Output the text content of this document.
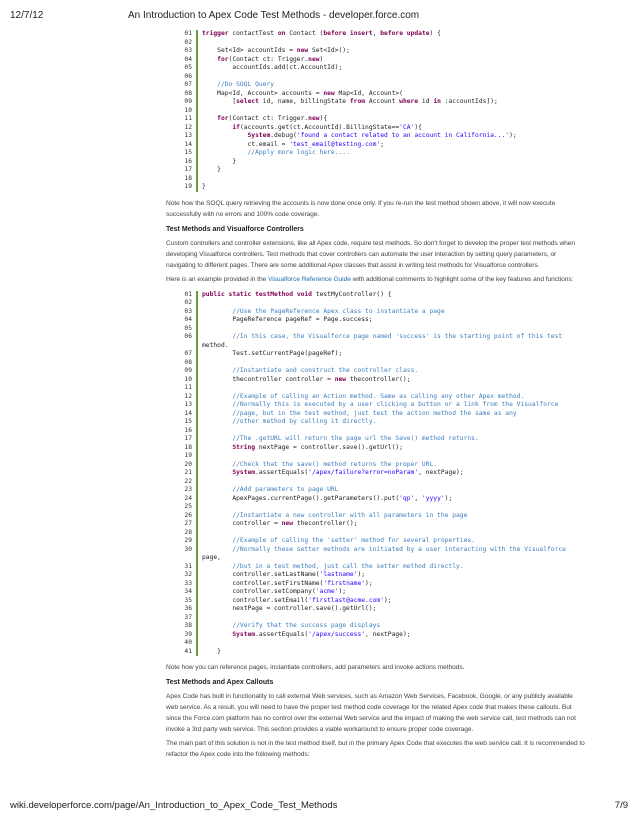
12/7/12	An Introduction to Apex Code Test Methods - developer.force.com
01 trigger contactTest on Contact (before insert, before update) {
02
03 Set<Id> accountIds = new Set<Id>();
04	for(Contact ct: Trigger.new)
05 accountIds.add(ct.AccountId);
06
07	//Do SOQL Query
08 Map<Id, Account> accounts = new Map<Id, Account>(
09 [select id, name, billingState from Account where id in :accountIds]);
10
11	for(Contact ct: Trigger.new){
12	if(accounts.get(ct.AccountId).BillingState=='CA'){
13	System.debug('found a contact related to an account in California...');
14 ct.email = 'test_email@testing.com';
15	//Apply more logic here....
16 }
17 }
18
19 }

Note how the SOQL query retrieving the accounts is now done once only. If you re-run the test method shown above, it will now execute successfully with no errors and 100% code coverage.

Test Methods and Visualforce Controllers

Custom controllers and controller extensions, like all Apex code, require test methods. So don't forget to develop the proper test methods when developing Visualforce controllers. Test methods that cover controllers can automate the user interaction by setting query parameters, or navigating to different pages. There are some additional Apex classes that assist in writing test methods for Visualforce controllers.

Here is an example provided in the Visualforce Reference Guide with additional comments to highlight some of the key features and functions:

01 public static testMethod void testMyController() {
02
03	//Use the PageReference Apex class to instantiate a page
04 PageReference pageRef = Page.success;
05
06	//In this case, the Visualforce page named 'success' is the starting point of this test
method.
07 Test.setCurrentPage(pageRef);
08
09	//Instantiate and construct the controller class.
10 thecontroller controller = new thecontroller();
11
12	//Example of calling an Action method. Same as calling any other Apex method.
13	//Normally this is executed by a user clicking a button or a link from the Visualforce
14	//page, but in the test method, just test the action method the same as any
15	//other method by calling it directly.
16
17	//The .getURL will return the page url the Save() method returns.
18	String nextPage = controller.save().getUrl();
19
20	//Check that the save() method returns the proper URL.
21	System.assertEquals('/apex/failure?error=noParam', nextPage);
22
23	//Add parameters to page URL
24 ApexPages.currentPage().getParameters().put('qp', 'yyyy');
25
26	//Instantiate a new controller with all parameters in the page
27 controller = new thecontroller();
28
29	//Example of calling the 'setter' method for several properties.
30	//Normally these setter methods are initiated by a user interacting with the Visualforce
page,
31	//but in a test method, just call the setter method directly.
32 controller.setLastName('lastname');
33 controller.setFirstName('firstname');
34 controller.setCompany('acme');
35 controller.setEmail('firstlast@acme.com');
36 nextPage = controller.save().getUrl();
37
38	//Verify that the success page displays
39	System.assertEquals('/apex/success', nextPage);
40
41 }

Note how you can reference pages, instantiate controllers, add parameters and invoke actions methods.

Test Methods and Apex Callouts

Apex Code has built in functionality to call external Web services, such as Amazon Web Services, Facebook, Google, or any publicly available web service. As a result, you will need to have the proper test method code coverage for the related Apex code that makes these callouts. But since the Force.com platform has no control over the external Web service and the impact of making the web service call, test methods can not invoke a 3rd party web service. This section provides a viable workaround to ensure proper code coverage.

The main part of this solution is not in the test method itself, but in the primary Apex Code that executes the web service call. It is recommended to refactor the Apex code into the following methods:

wiki.developerforce.com/page/An_Introduction_to_Apex_Code_Test_Methods	7/9
